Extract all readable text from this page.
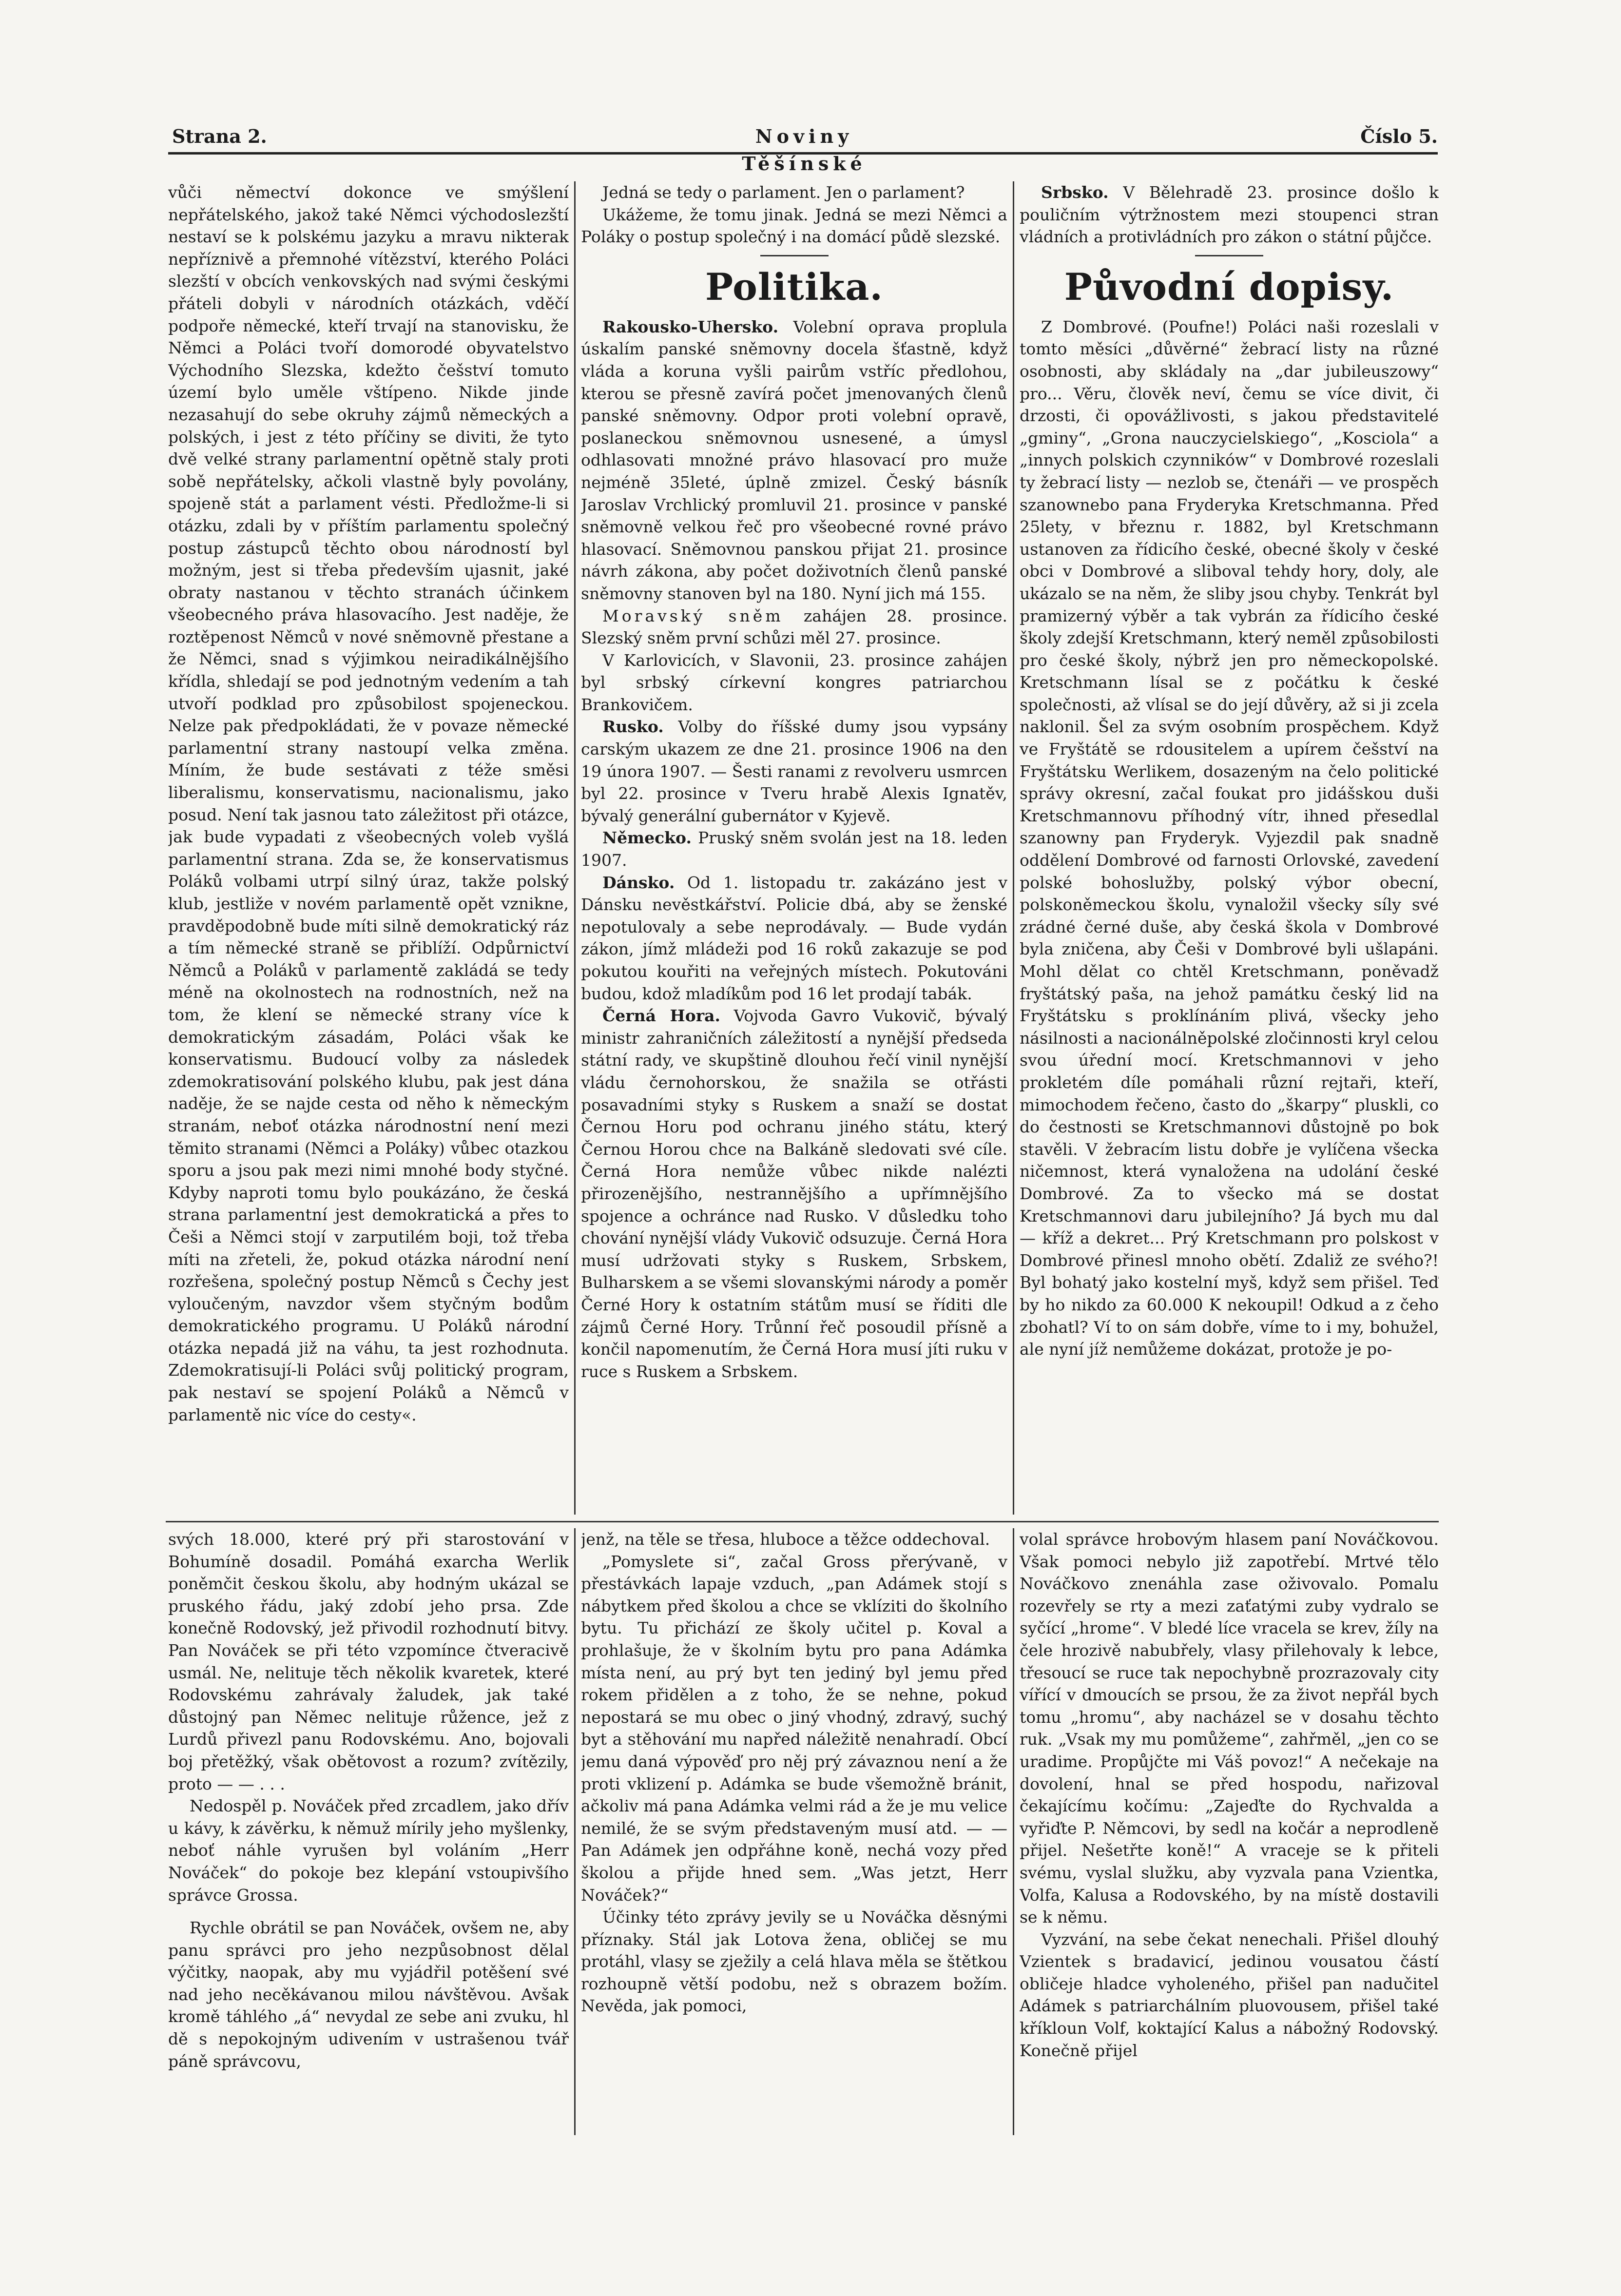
Strana 2.	Noviny Těšínské
Číslo 5.

vůči němectví dokonce ve smýšlení nepřátelského, jakož také Němci východoslezští nestaví se k polskému jazyku a mravu nikterak nepříznivě a přemnohé vítězství, kterého Poláci slezští v obcích venkovských nad svými českými přáteli dobyli v národních otázkách, vděčí podpoře německé, kteří trvají na stanovisku, že Němci a Poláci tvoří domorodé obyvatelstvo Východního Slezska, kdežto češství tomuto území bylo uměle vštípeno. Nikde jinde nezasahují do sebe okruhy zájmů německých a polských, i jest z této příčiny se diviti, že tyto dvě velké strany parlamentní opětně staly proti sobě nepřátelsky, ačkoli vlastně byly povolány, spojeně stát a parlament vésti. Předložme-li si otázku, zdali by v příštím parlamentu společný postup zástupců těchto obou národností byl možným, jest si třeba především ujasnit, jaké obraty nastanou v těchto stranách účinkem všeobecného práva hlasovacího. Jest naděje, že roztěpenost Němců v nové sněmovně přestane a že Němci, snad s výjimkou neiradikálnějšího křídla, shledají se pod jednotným vedením a tah utvoří podklad pro způsobilost spojeneckou. Nelze pak předpokládati, že v povaze německé parlamentní strany nastoupí velka změna. Míním, že bude sestávati z téže směsi liberalismu, konservatismu, nacionalismu, jako posud. Není tak jasnou tato záležitost při otázce, jak bude vypadati z všeobecných voleb vyšlá parlamentní strana. Zda se, že konservatismus Poláků volbami utrpí silný úraz, takže polský klub, jestliže v novém parlamentě opět vznikne, pravděpodobně bude míti silně demokratický ráz a tím německé straně se přiblíží. Odpůrnictví Němců a Poláků v parlamentě zakládá se tedy méně na okolnostech na rodnostních, než na tom, že klení se německé strany více k demokratickým zásadám, Poláci však ke konservatismu. Budoucí volby za následek zdemokratisování polského klubu, pak jest dána naděje, že se najde cesta od něho k německým stranám, neboť otázka národnostní není mezi těmito stranami (Němci a Poláky) vůbec otazkou sporu a jsou pak mezi nimi mnohé body styčné. Kdyby naproti tomu bylo poukázáno, že česká strana parlamentní jest demokratická a přes to Češi a Němci stojí v zarputilém boji, tož třeba míti na zřeteli, že, pokud otázka národní není rozřešena, společný postup Němců s Čechy jest vyloučeným, navzdor všem styčným bodům demokratického programu. U Poláků národní otázka nepadá již na váhu, ta jest rozhodnuta. Zdemokratisují-li Poláci svůj politický program, pak nestaví se spojení Poláků a Němců v parlamentě nic více do cesty«.

Jedná se tedy o parlament. Jen o parlament?

Ukážeme, že tomu jinak. Jedná se mezi Němci a Poláky o postup společný i na domácí půdě slezské.

Politika.

Rakousko-Uhersko. Volební oprava proplula úskalím panské sněmovny docela šťastně, když vláda a koruna vyšli pairům vstříc předlohou, kterou se přesně zavírá počet jmenovaných členů panské sněmovny. Odpor proti volební opravě, poslaneckou sněmovnou usnesené, a úmysl odhlasovati množné právo hlasovací pro muže nejméně 35leté, úplně zmizel. Český básník Jaroslav Vrchlický promluvil 21. prosince v panské sněmovně velkou řeč pro všeobecné rovné právo hlasovací. Sněmovnou panskou přijat 21. prosince návrh zákona, aby počet doživotních členů panské sněmovny stanoven byl na 180. Nyní jich má 155.

Moravský sněm zahájen 28. prosince. Slezský sněm první schůzi měl 27. prosince.

V Karlovicích, v Slavonii, 23. prosince zahájen byl srbský církevní kongres patriarchou Brankovičem.

Rusko. Volby do říšské dumy jsou vypsány carským ukazem ze dne 21. prosince 1906 na den 19 února 1907. — Šesti ranami z revolveru usmrcen byl 22. prosince v Tveru hrabě Alexis Ignatěv, bývalý generální gubernátor v Kyjevě.

Německo. Pruský sněm svolán jest na 18. leden 1907.

Dánsko. Od 1. listopadu tr. zakázáno jest v Dánsku nevěstkářství. Policie dbá, aby se ženské nepotulovaly a sebe neprodávaly. — Bude vydán zákon, jímž mládeži pod 16 roků zakazuje se pod pokutou kouřiti na veřejných místech. Pokutováni budou, kdož mladíkům pod 16 let prodají tabák.

Černá Hora. Vojvoda Gavro Vukovič, bývalý ministr zahraničních záležitostí a nynější předseda státní rady, ve skupštině dlouhou řečí vinil nynější vládu černohorskou, že snažila se otřásti posavadními styky s Ruskem a snaží se dostat Černou Horu pod ochranu jiného státu, který Černou Horou chce na Balkáně sledovati své cíle. Černá Hora nemůže vůbec nikde nalézti přirozenějšího, nestrannějšího a upřímnějšího spojence a ochránce nad Rusko. V důsledku toho chování nynější vlády Vukovič odsuzuje. Černá Hora musí udržovati styky s Ruskem, Srbskem, Bulharskem a se všemi slovanskými národy a poměr Černé Hory k ostatním státům musí se říditi dle zájmů Černé Hory. Trůnní řeč posoudil přísně a končil napomenutím, že Černá Hora musí jíti ruku v ruce s Ruskem a Srbskem.

Srbsko. V Bělehradě 23. prosince došlo k pouličním výtržnostem mezi stoupenci stran vládních a protivládních pro zákon o státní půjčce.

Původní dopisy.

Z Dombrové. (Poufne!) Poláci naši rozeslali v tomto měsíci „důvěrné“ žebrací listy na různé osobnosti, aby skládaly na „dar jubileuszowy“ pro... Věru, člověk neví, čemu se více divit, či drzosti, či opovážlivosti, s jakou představitelé „gminy“, „Grona nauczycielskiego“, „Kosciola“ a „innych polskich czynników“ v Dombrové rozeslali ty žebrací listy — nezlob se, čtenáři — ve prospěch szanownebo pana Fryderyka Kretschmanna. Před 25lety, v březnu r. 1882, byl Kretschmann ustanoven za řídicího české, obecné školy v české obci v Dombrové a sliboval tehdy hory, doly, ale ukázalo se na něm, že sliby jsou chyby. Tenkrát byl pramizerný výběr a tak vybrán za řídicího české školy zdejší Kretschmann, který neměl způsobilosti pro české školy, nýbrž jen pro německopolské. Kretschmann lísal se z počátku k české společnosti, až vlísal se do její důvěry, až si ji zcela naklonil. Šel za svým osobním prospěchem. Když ve Fryštátě se rdousitelem a upírem češství na Fryštátsku Werlikem, dosazeným na čelo politické správy okresní, začal foukat pro jidášskou duši Kretschmannovu příhodný vítr, ihned přesedlal szanowny pan Fryderyk. Vyjezdil pak snadně oddělení Dombrové od farnosti Orlovské, zavedení polské bohoslužby, polský výbor obecní, polskoněmeckou školu, vynaložil všecky síly své zrádné černé duše, aby česká škola v Dombrové byla zničena, aby Češi v Dombrové byli ušlapáni. Mohl dělat co chtěl Kretschmann, poněvadž fryštátský paša, na jehož památku český lid na Fryštátsku s proklínáním plivá, všecky jeho násilnosti a nacionálněpolské zločinnosti kryl celou svou úřední mocí. Kretschmannovi v jeho prokletém díle pomáhali různí rejtaři, kteří, mimochodem řečeno, často do „škarpy“ pluskli, co do čestnosti se Kretschmannovi důstojně po bok stavěli. V žebracím listu dobře je vylíčena všecka ničemnost, která vynaložena na udolání české Dombrové. Za to všecko má se dostat Kretschmannovi daru jubilejního? Já bych mu dal — kříž a dekret... Prý Kretschmann pro polskost v Dombrové přinesl mnoho obětí. Zdaliž ze svého?! Byl bohatý jako kostelní myš, když sem přišel. Teď by ho nikdo za 60.000 K nekoupil! Odkud a z čeho zbohatl? Ví to on sám dobře, víme to i my, bohužel, ale nyní jíž nemůžeme dokázat, protože je po-

svých 18.000, které prý při starostování v Bohumíně dosadil. Pomáhá exarcha Werlik poněmčit českou školu, aby hodným ukázal se pruského řádu, jaký zdobí jeho prsa. Zde konečně Rodovský, jež přivodil rozhodnutí bitvy. Pan Nováček se při této vzpomínce čtveracivě usmál. Ne, nelituje těch několik kvaretek, které Rodovskému zahrávaly žaludek, jak také důstojný pan Němec nelituje růžence, jež z Lurdů přivezl panu Rodovskému. Ano, bojovali boj přetěžký, však obětovost a rozum? zvítězily, proto — — . . .

Nedospěl p. Nováček před zrcadlem, jako dřív u kávy, k závěrku, k němuž mírily jeho myšlenky, neboť náhle vyrušen byl voláním „Herr Nováček“ do pokoje bez klepání vstoupivšího správce Grossa.

Rychle obrátil se pan Nováček, ovšem ne, aby panu správci pro jeho nezpůsobnost dělal výčitky, naopak, aby mu vyjádřil potěšení své nad jeho necěkávanou milou návštěvou. Avšak kromě táhlého „á“ nevydal ze sebe ani zvuku, hl dě s nepokojným udivením v ustrašenou tvář páně správcovu,

jenž, na těle se třesa, hlubоce a těžce oddechoval.

„Pomyslete si“, začal Gross přerývaně, v přestávkách lapaje vzduch, „pan Adámek stojí s nábytkem před školou a chce se vklíziti do školního bytu. Tu přichází ze školy učitel p. Koval a prohlašuje, že v školním bytu pro pana Adámka místa není, au prý byt ten jediný byl jemu před rokem přidělen a z toho, že se nehne, pokud nepostará se mu obec o jiný vhodný, zdravý, suchý byt a stěhování mu napřed náležitě nenahradí. Obcí jemu daná výpověď pro něj prý závaznou není a že proti vklizení p. Adámka se bude všemožně bránit, ačkoliv má pana Adámka velmi rád a že je mu velice nemilé, že se svým představeným musí atd. — — Pan Adámek jen odpřáhne koně, nechá vozy před školou a přijde hned sem. „Was jetzt, Herr Nováček?“

Účinky této zprávy jevily se u Nováčka děsnými příznaky. Stál jak Lotova žena, obličej se mu protáhl, vlasy se zježily a celá hlava měla se štětkou rozhoupně větší podobu, než s obrazem božím. Nevěda, jak pomoci,

volal správce hrobovým hlasem paní Nováčkovou. Však pomoci nebylo již zapotřebí. Mrtvé tělo Nováčkovo znenáhla zase oživovalo. Pomalu rozevřely se rty a mezi zaťatými zuby vydralo se syčící „hrome“. V bledé líce vracela se krev, žíly na čele hrozivě nabubřely, vlasy přilehovaly k lebce, třesoucí se ruce tak nepochybně prozrazovaly city vířící v dmoucích se prsou, že za život nepřál bych tomu „hromu“, aby nacházel se v dosahu těchto ruk. „Vsak my mu pomůžeme“, zahřměl, „jen co se uradime. Propůjčte mi Váš povoz!“ A nečekaje na dovolení, hnal se před hospodu, nařizoval čekajícímu kočímu: „Zajeďte do Rychvalda a vyřiďte P. Němcovi, by sedl na kočár a neprodleně přijel. Nešetřte koně!“ A vraceje se k přiteli svému, vyslal služku, aby vyzvala pana Vzientka, Volfa, Kalusa a Rodovského, by na místě dostavili se k němu.

Vyzvání, na sebe čekat nenechali. Přišel dlouhý Vzientek s bradavicí, jedinou vousatou částí obličeje hladce vyholeného, přišel pan nadučitel Adámek s patriarchálním pluovousem, přišel také kříklоun Volf, koktající Kalus a nábožný Rodovský. Konečně přijel
